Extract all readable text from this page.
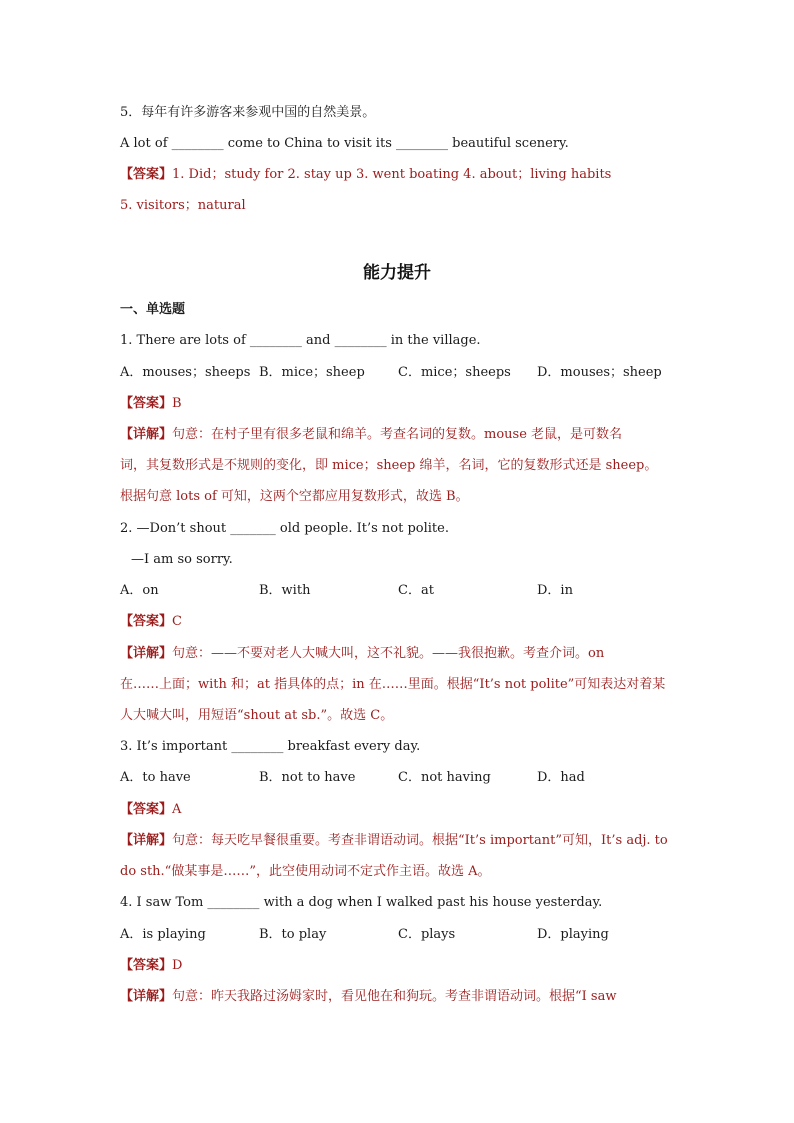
5．每年有许多游客来参观中国的自然美景。
A lot of ________ come to China to visit its ________ beautiful scenery.
【答案】1. Did；study for 2. stay up 3. went boating 4. about；living habits
5. visitors；natural
能力提升
一、单选题
1. There are lots of ________ and ________ in the village.
A．mouses；sheeps B．mice；sheep	C．mice；sheeps D．mouses；sheep
【答案】B
【详解】句意：在村子里有很多老鼠和绵羊。考查名词的复数。mouse 老鼠，是可数名
词，其复数形式是不规则的变化，即 mice；sheep 绵羊，名词，它的复数形式还是 sheep。
根据句意 lots of 可知，这两个空都应用复数形式，故选 B。
2. —Don’t shout _______ old people. It’s not polite.
—I am so sorry.
A．on	B．with	C．at	D．in
【答案】C
【详解】句意：——不要对老人大喊大叫，这不礼貌。——我很抱歉。考查介词。on
在……上面；with 和；at 指具体的点；in 在……里面。根据“It’s not polite”可知表达对着某
人大喊大叫，用短语“shout at sb.”。故选 C。
3. It’s important ________ breakfast every day.
A．to have	B．not to have	C．not having	D．had
【答案】A
【详解】句意：每天吃早餐很重要。考查非谓语动词。根据“It’s important”可知，It’s adj. to
do sth.“做某事是……”，此空使用动词不定式作主语。故选 A。
4. I saw Tom ________ with a dog when I walked past his house yesterday.
A．is playing	B．to play	C．plays	D．playing
【答案】D
【详解】句意：昨天我路过汤姆家时，看见他在和狗玩。考查非谓语动词。根据“I saw
